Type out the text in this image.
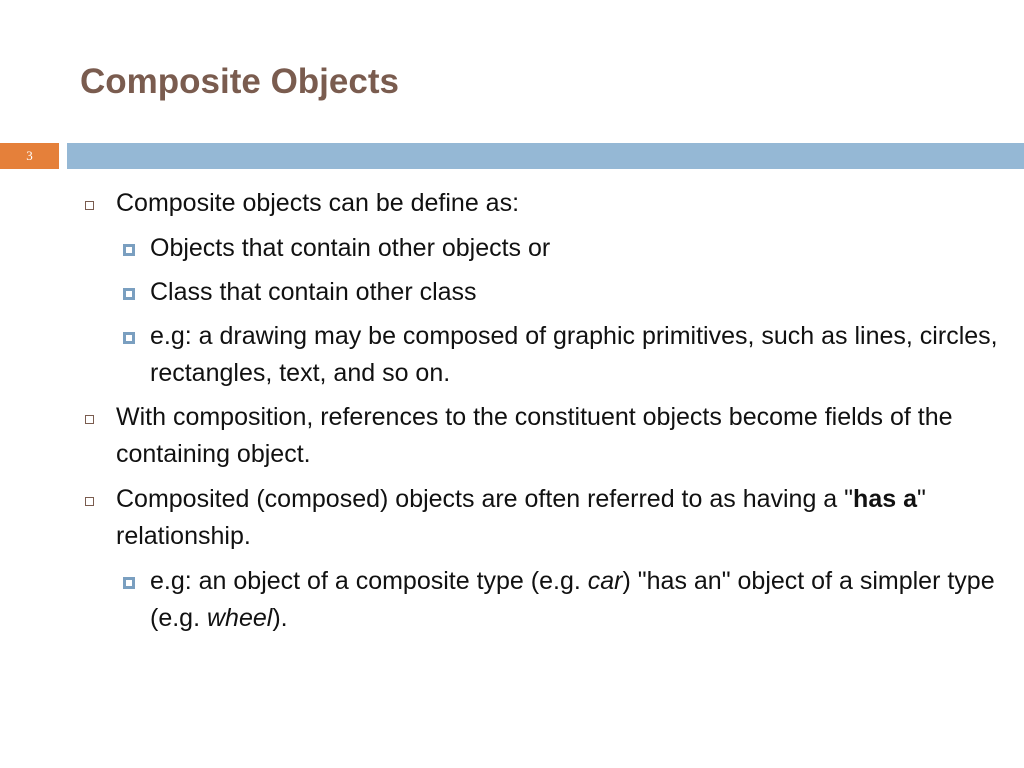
Composite Objects
3
Composite objects can be define as:
Objects that contain other objects or
Class that contain other class
e.g: a drawing may be composed of graphic primitives, such as lines, circles, rectangles, text, and so on.
With composition, references to the constituent objects become fields of the containing object.
Composited (composed) objects are often referred to as having a "has a" relationship.
e.g: an object of a composite type (e.g. car) "has an" object of a simpler type (e.g. wheel).
